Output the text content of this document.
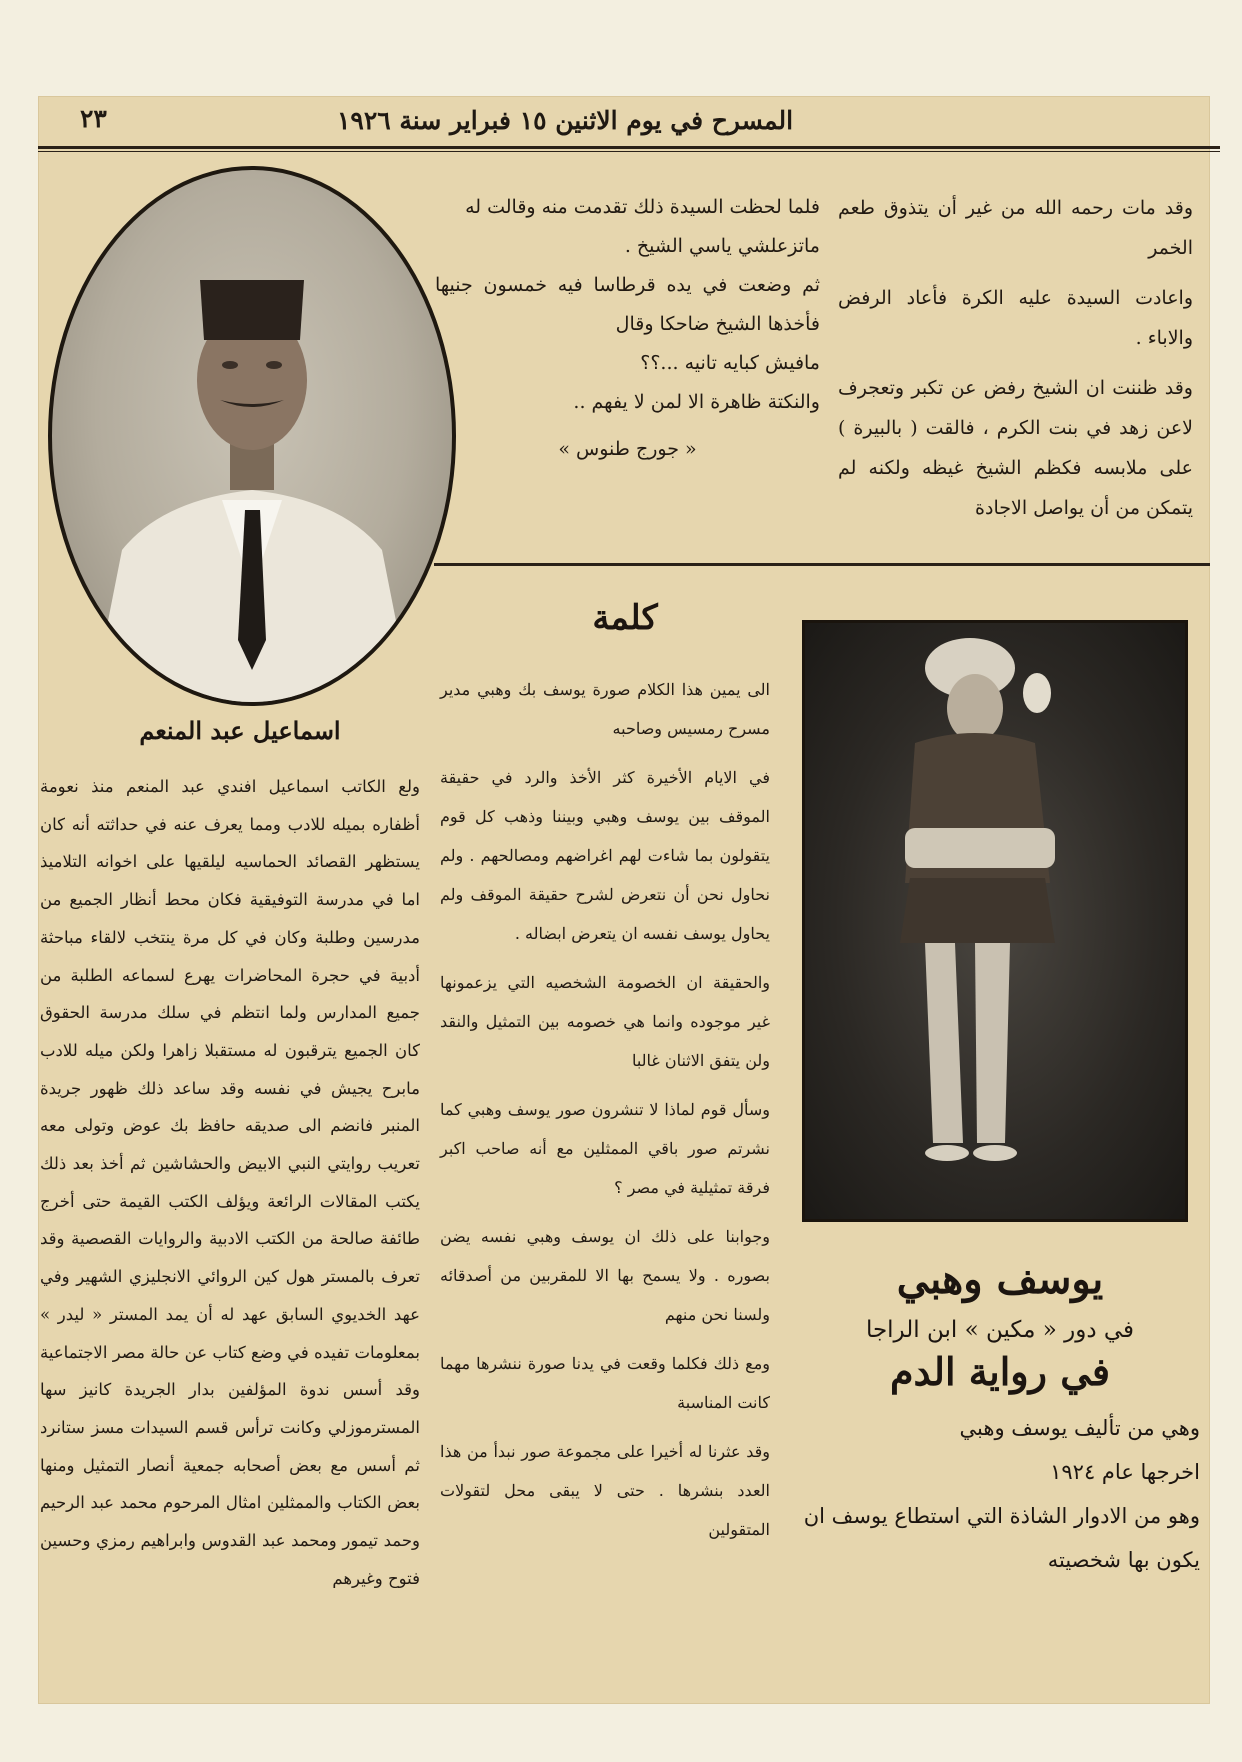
المسرح في يوم الاثنين ١٥ فبراير سنة ١٩٢٦
٢٣

وقد مات رحمه الله من غير أن يتذوق طعم الخمر

واعادت السيدة عليه الكرة فأعاد الرفض والاباء .

وقد ظننت ان الشيخ رفض عن تكبر وتعجرف لاعن زهد في بنت الكرم ، فالقت ( بالبيرة ) على ملابسه فكظم الشيخ غيظه ولكنه لم يتمكن من أن يواصل الاجادة

فلما لحظت السيدة ذلك تقدمت منه وقالت له

ماتزعلشي ياسي الشيخ .

ثم وضعت في يده قرطاسا فيه خمسون جنيها فأخذها الشيخ ضاحكا وقال

مافيش كبايه تانيه ...؟؟

والنكتة ظاهرة الا لمن لا يفهم ..

« جورج طنوس »
اسماعيل عبد المنعم
ولع الكاتب اسماعيل افندي عبد المنعم منذ نعومة أظفاره بميله للادب ومما يعرف عنه في حداثته أنه كان يستظهر القصائد الحماسيه ليلقيها على اخوانه التلاميذ اما في مدرسة التوفيقية فكان محط أنظار الجميع من مدرسين وطلبة وكان في كل مرة ينتخب لالقاء مباحثة أدبية في حجرة المحاضرات يهرع لسماعه الطلبة من جميع المدارس ولما انتظم في سلك مدرسة الحقوق كان الجميع يترقبون له مستقبلا زاهرا ولكن ميله للادب مابرح يجيش في نفسه وقد ساعد ذلك ظهور جريدة المنبر فانضم الى صديقه حافظ بك عوض وتولى معه تعريب روايتي النبي الابيض والحشاشين ثم أخذ بعد ذلك يكتب المقالات الرائعة ويؤلف الكتب القيمة حتى أخرج طائفة صالحة من الكتب الادبية والروايات القصصية وقد تعرف بالمستر هول كين الروائي الانجليزي الشهير وفي عهد الخديوي السابق عهد له أن يمد المستر « ليدر » بمعلومات تفيده في وضع كتاب عن حالة مصر الاجتماعية وقد أسس ندوة المؤلفين بدار الجريدة كانيز سها المسترموزلي وكانت ترأس قسم السيدات مسز ستانرد ثم أسس مع بعض أصحابه جمعية أنصار التمثيل ومنها بعض الكتاب والممثلين امثال المرحوم محمد عبد الرحيم وحمد تيمور ومحمد عبد القدوس وابراهيم رمزي وحسين فتوح وغيرهم
كلمة

الى يمين هذا الكلام صورة يوسف بك وهبي مدير مسرح رمسيس وصاحبه

في الايام الأخيرة كثر الأخذ والرد في حقيقة الموقف بين يوسف وهبي وبيننا وذهب كل قوم يتقولون بما شاءت لهم اغراضهم ومصالحهم . ولم نحاول نحن أن نتعرض لشرح حقيقة الموقف ولم يحاول يوسف نفسه ان يتعرض ابضاله .

والحقيقة ان الخصومة الشخصيه التي يزعمونها غير موجوده وانما هي خصومه بين التمثيل والنقد ولن يتفق الاثنان غالبا

وسأل قوم لماذا لا تنشرون صور يوسف وهبي كما نشرتم صور باقي الممثلين مع أنه صاحب اكبر فرقة تمثيلية في مصر ؟

وجوابنا على ذلك ان يوسف وهبي نفسه يضن بصوره . ولا يسمح بها الا للمقربين من أصدقائه ولسنا نحن منهم

ومع ذلك فكلما وقعت في يدنا صورة ننشرها مهما كانت المناسبة

وقد عثرنا له أخيرا على مجموعة صور نبدأ من هذا العدد بنشرها . حتى لا يبقى محل لتقولات المتقولين

يوسف وهبي
في دور « مكين » ابن الراجا
في رواية الدم
وهي من تأليف يوسف وهبي
اخرجها عام ١٩٢٤
وهو من الادوار الشاذة التي استطاع يوسف ان يكون بها شخصيته
